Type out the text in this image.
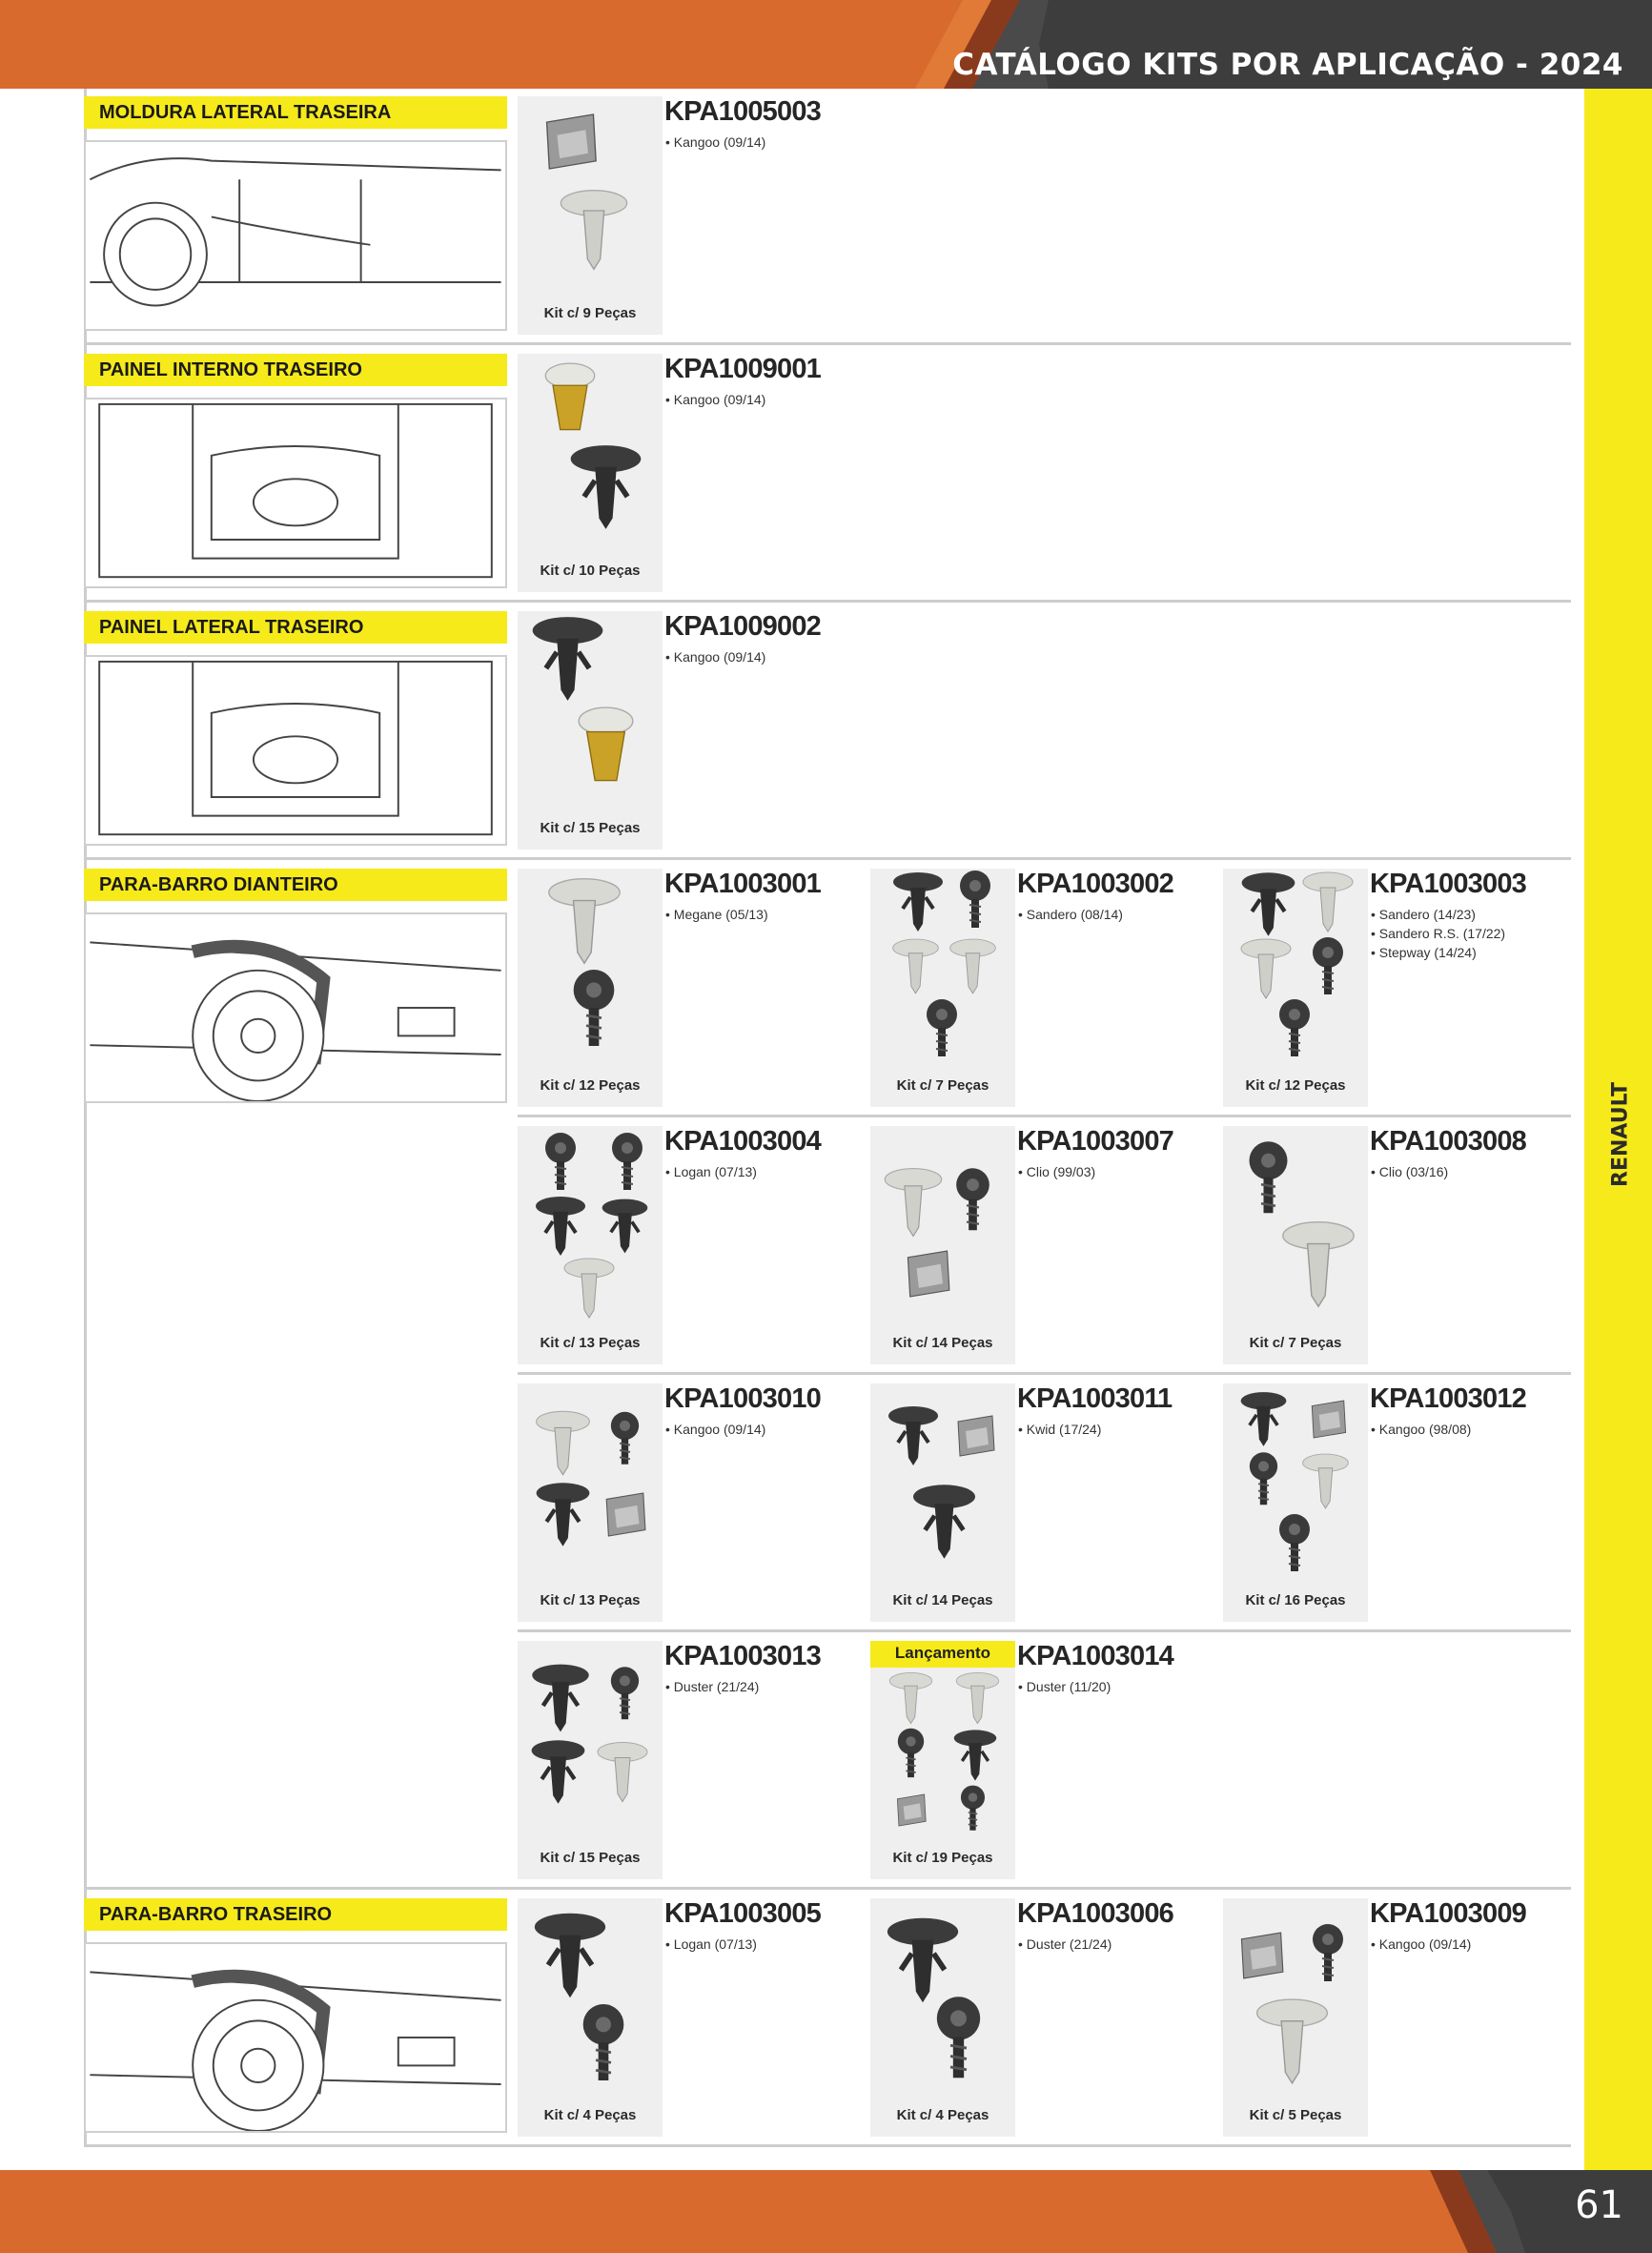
CATÁLOGO KITS POR APLICAÇÃO - 2024
RENAULT
MOLDURA LATERAL TRASEIRA
Kit c/ 9 Peças
KPA1005003
• Kangoo (09/14)
PAINEL INTERNO TRASEIRO
Kit c/ 10 Peças
KPA1009001
• Kangoo (09/14)
PAINEL LATERAL TRASEIRO
Kit c/ 15 Peças
KPA1009002
• Kangoo (09/14)
PARA-BARRO DIANTEIRO
Kit c/ 12 Peças
KPA1003001
• Megane (05/13)
Kit c/ 7 Peças
KPA1003002
• Sandero (08/14)
Kit c/ 12 Peças
KPA1003003
• Sandero (14/23)
• Sandero R.S. (17/22)
• Stepway (14/24)
Kit c/ 13 Peças
KPA1003004
• Logan (07/13)
Kit c/ 14 Peças
KPA1003007
• Clio (99/03)
Kit c/ 7 Peças
KPA1003008
• Clio (03/16)
Kit c/ 13 Peças
KPA1003010
• Kangoo (09/14)
Kit c/ 14 Peças
KPA1003011
• Kwid (17/24)
Kit c/ 16 Peças
KPA1003012
• Kangoo (98/08)
Kit c/ 15 Peças
KPA1003013
• Duster (21/24)
Kit c/ 19 Peças
KPA1003014
• Duster (11/20)
Lançamento
PARA-BARRO TRASEIRO
Kit c/ 4 Peças
KPA1003005
• Logan (07/13)
Kit c/ 4 Peças
KPA1003006
• Duster (21/24)
Kit c/ 5 Peças
KPA1003009
• Kangoo (09/14)
61
